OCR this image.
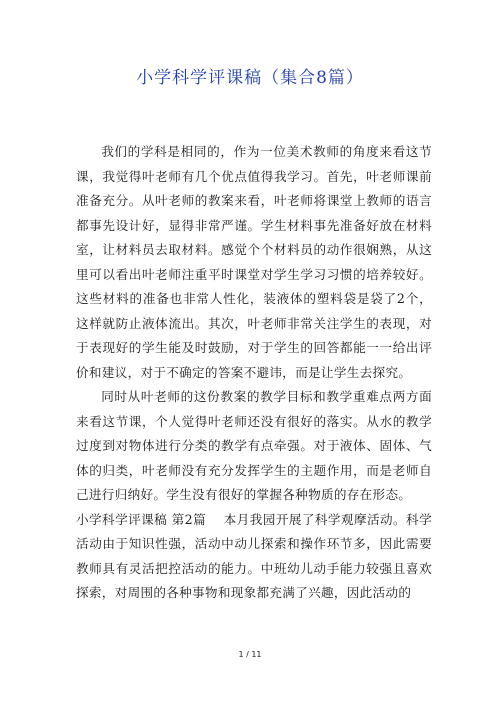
小学科学评课稿（集合8篇）

我们的学科是相同的，作为一位美术教师的角度来看这节课，我觉得叶老师有几个优点值得我学习。首先，叶老师课前准备充分。从叶老师的教案来看，叶老师将课堂上教师的语言都事先设计好，显得非常严谨。学生材料事先准备好放在材料室，让材料员去取材料。感觉个个材料员的动作很娴熟，从这里可以看出叶老师注重平时课堂对学生学习习惯的培养较好。这些材料的准备也非常人性化，装液体的塑料袋是袋了2个，这样就防止液体流出。其次，叶老师非常关注学生的表现，对于表现好的学生能及时鼓励，对于学生的回答都能一一给出评价和建议，对于不确定的答案不避讳，而是让学生去探究。

同时从叶老师的这份教案的教学目标和教学重难点两方面来看这节课，个人觉得叶老师还没有很好的落实。从水的教学过度到对物体进行分类的教学有点牵强。对于液体、固体、气体的归类，叶老师没有充分发挥学生的主题作用，而是老师自己进行归纳好。学生没有很好的掌握各种物质的存在形态。

小学科学评课稿 第2篇 本月我园开展了科学观摩活动。科学活动由于知识性强，活动中动儿探索和操作环节多，因此需要教师具有灵活把控活动的能力。中班幼儿动手能力较强且喜欢探索，对周围的各种事物和现象都充满了兴趣，因此活动的

1 / 11
